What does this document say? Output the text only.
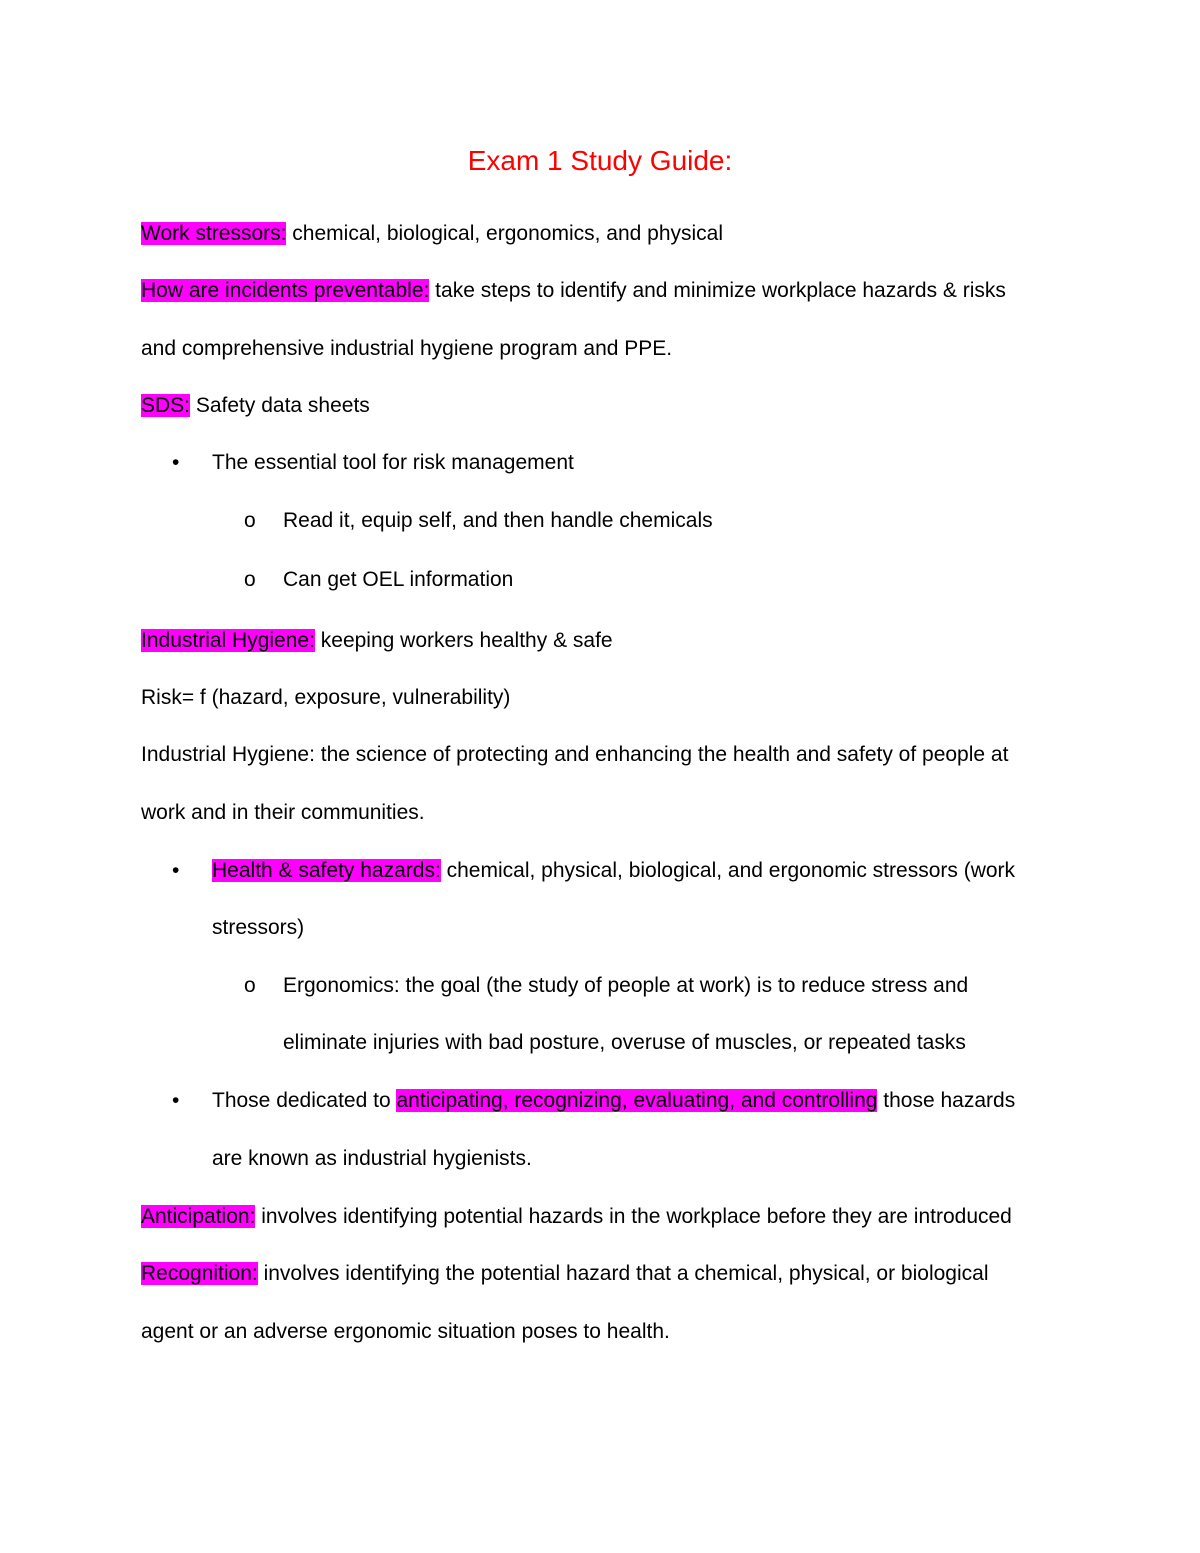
Exam 1 Study Guide:
Work stressors: chemical, biological, ergonomics, and physical
How are incidents preventable: take steps to identify and minimize workplace hazards & risks
and comprehensive industrial hygiene program and PPE.
SDS: Safety data sheets
• The essential tool for risk management
o Read it, equip self, and then handle chemicals
o Can get OEL information
Industrial Hygiene: keeping workers healthy & safe
Risk= f (hazard, exposure, vulnerability)
Industrial Hygiene: the science of protecting and enhancing the health and safety of people at
work and in their communities.
• Health & safety hazards: chemical, physical, biological, and ergonomic stressors (work
stressors)
o Ergonomics: the goal (the study of people at work) is to reduce stress and
eliminate injuries with bad posture, overuse of muscles, or repeated tasks
• Those dedicated to anticipating, recognizing, evaluating, and controlling those hazards
are known as industrial hygienists.
Anticipation: involves identifying potential hazards in the workplace before they are introduced
Recognition: involves identifying the potential hazard that a chemical, physical, or biological
agent or an adverse ergonomic situation poses to health.
